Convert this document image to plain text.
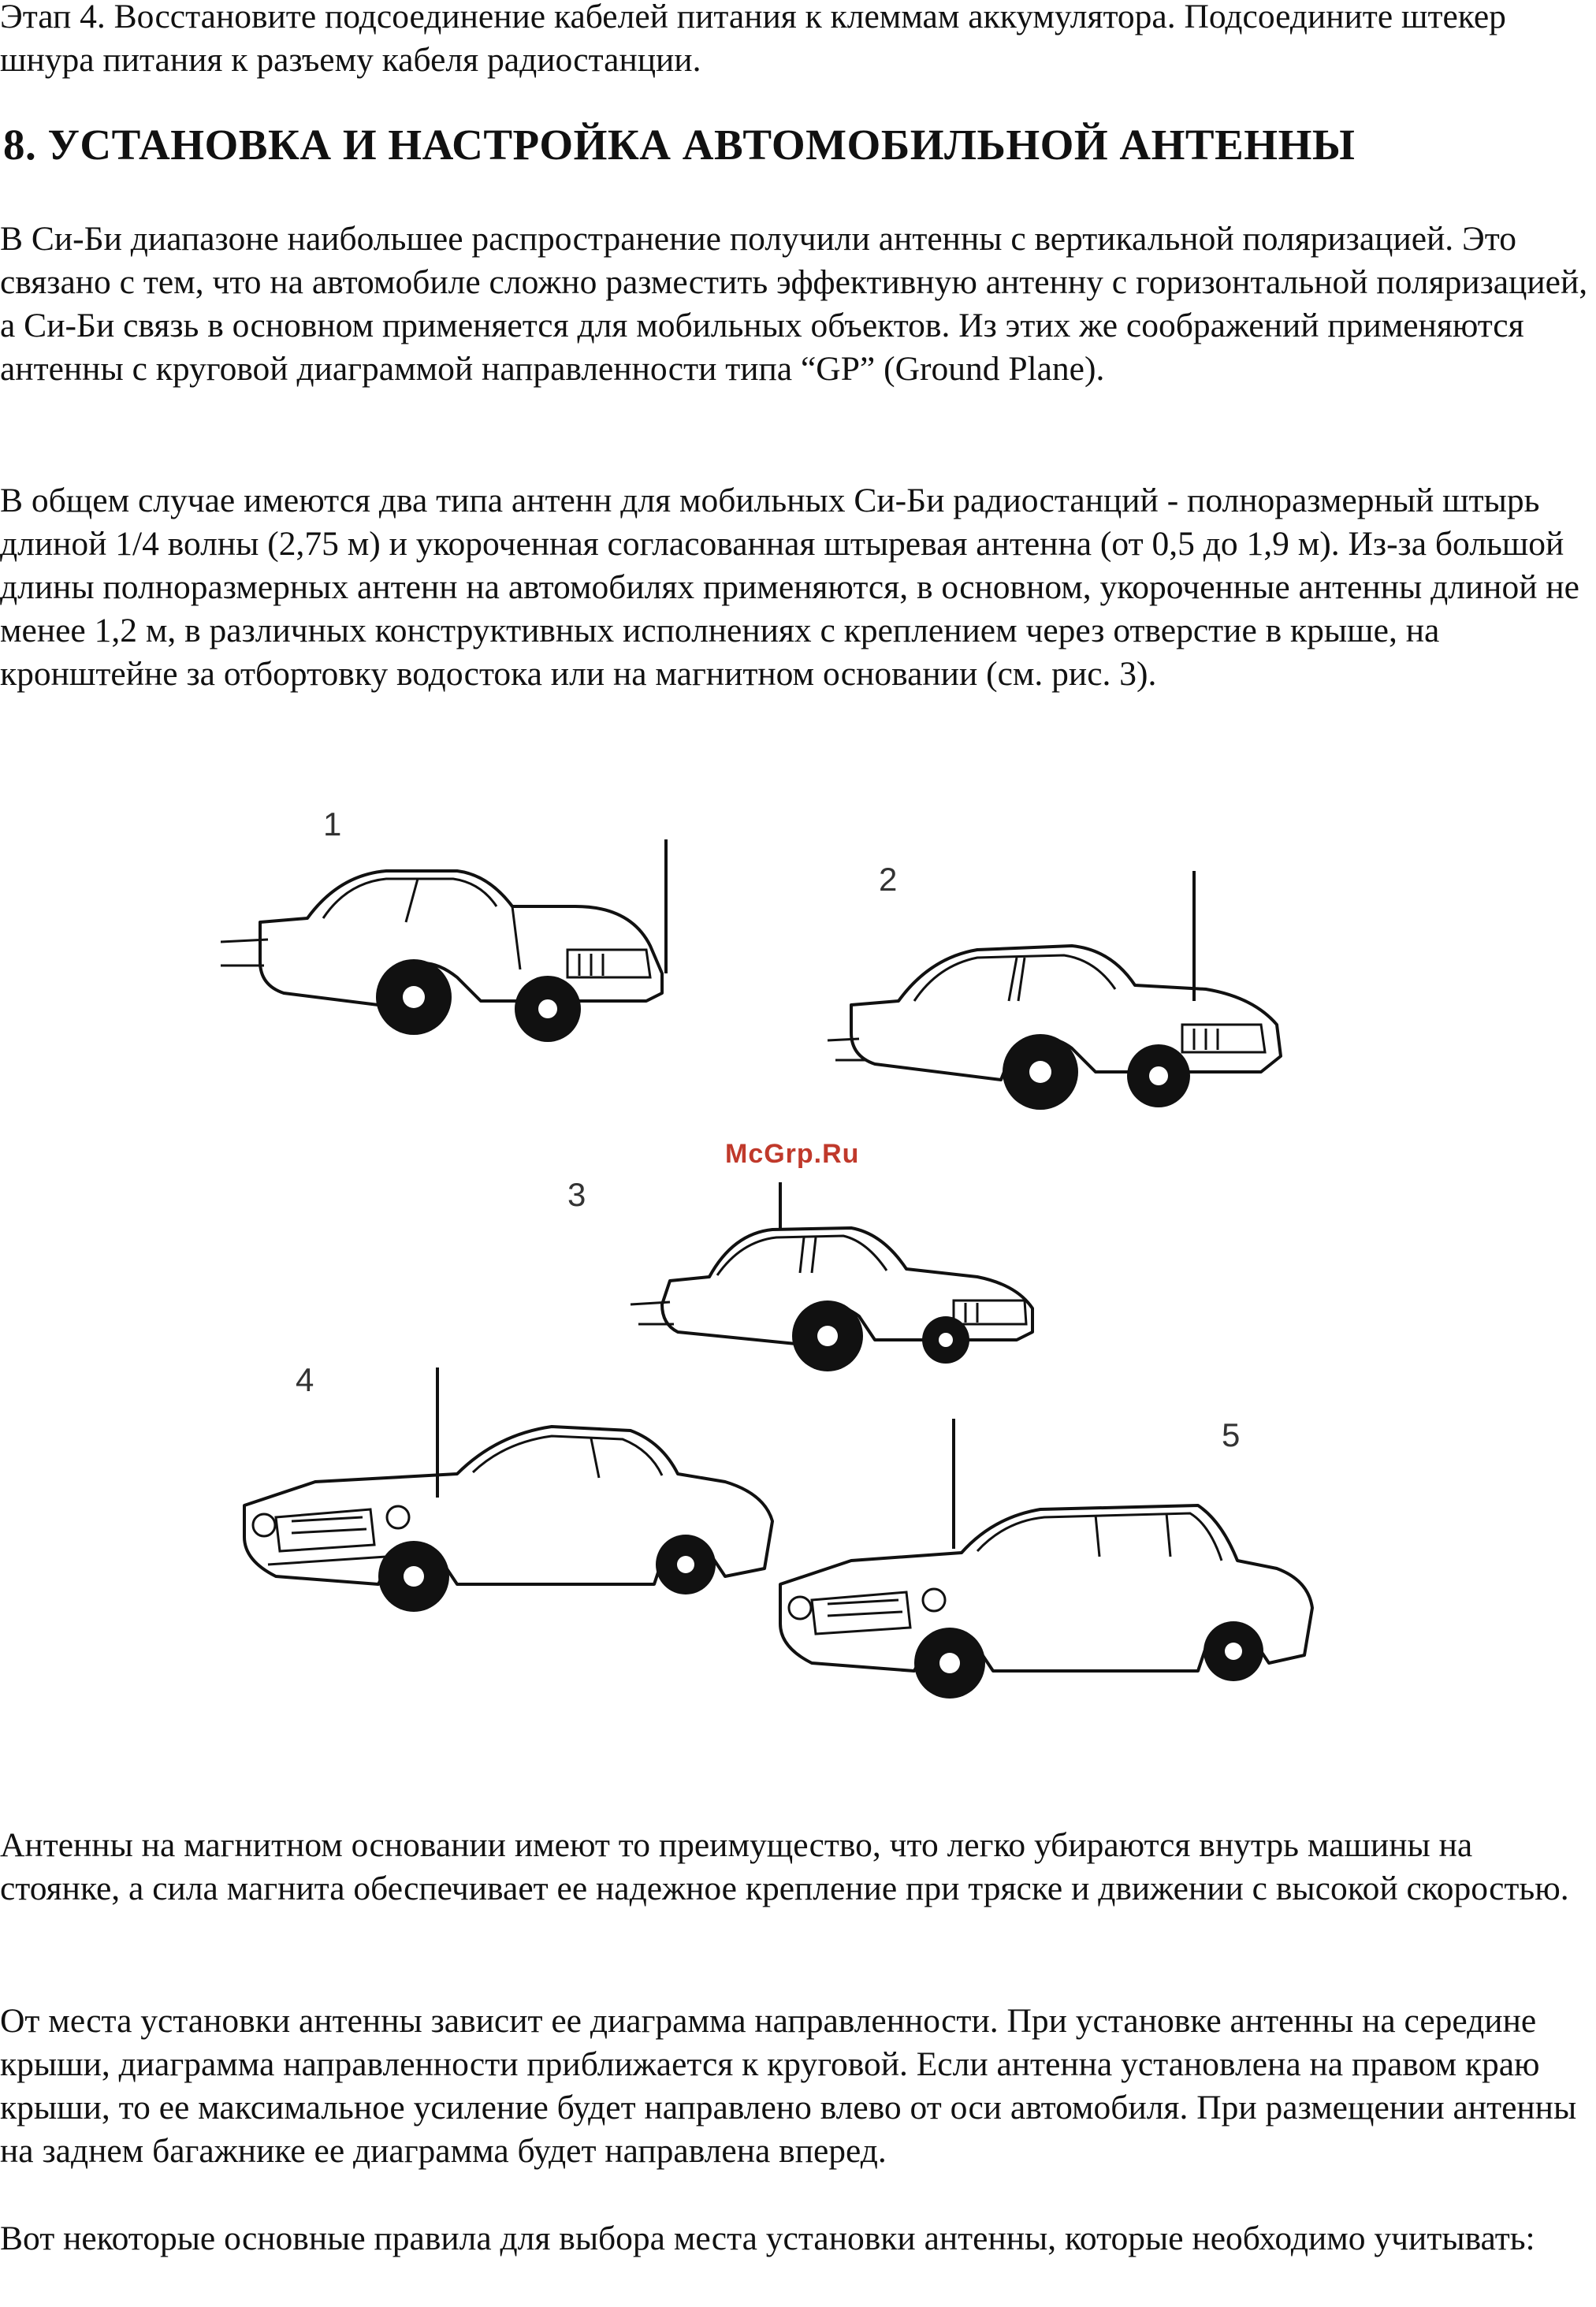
Этап 4. Восстановите подсоединение кабелей питания к клеммам аккумулятора. Подсоедините штекер шнура питания к разъему кабеля радиостанции.

8. УСТАНОВКА И НАСТРОЙКА АВТОМОБИЛЬНОЙ АНТЕННЫ

В Си-Би диапазоне наибольшее распространение получили антенны с вертикальной поляризацией. Это связано с тем, что на автомобиле сложно разместить эффективную антенну с горизонтальной поляризацией, а Си-Би связь в основном применяется для мобильных объектов. Из этих же соображений применяются антенны с круговой диаграммой направленности типа “GP” (Ground Plane).

В общем случае имеются два типа антенн для мобильных Си-Би радиостанций - полноразмерный штырь длиной 1/4 волны (2,75 м) и укороченная согласованная штыревая антенна (от 0,5 до 1,9 м). Из-за большой длины полноразмерных антенн на автомобилях применяются, в основном, укороченные антенны длиной не менее 1,2 м, в различных конструктивных исполнениях с креплением через отверстие в крыше, на кронштейне за отбортовку водостока или на магнитном основании (см. рис. 3).

1
2
McGrp.Ru
3
4
5

Антенны на магнитном основании имеют то преимущество, что легко убираются внутрь машины на стоянке, а сила магнита обеспечивает ее надежное крепление при тряске и движении с высокой скоростью.

От места установки антенны зависит ее диаграмма направленности. При установке антенны на середине крыши, диаграмма направленности приближается к круговой. Если антенна установлена на правом краю крыши, то ее максимальное усиление будет направлено влево от оси автомобиля. При размещении антенны на заднем багажнике ее диаграмма будет направлена вперед.

Вот некоторые основные правила для выбора места установки антенны, которые необходимо учитывать:
